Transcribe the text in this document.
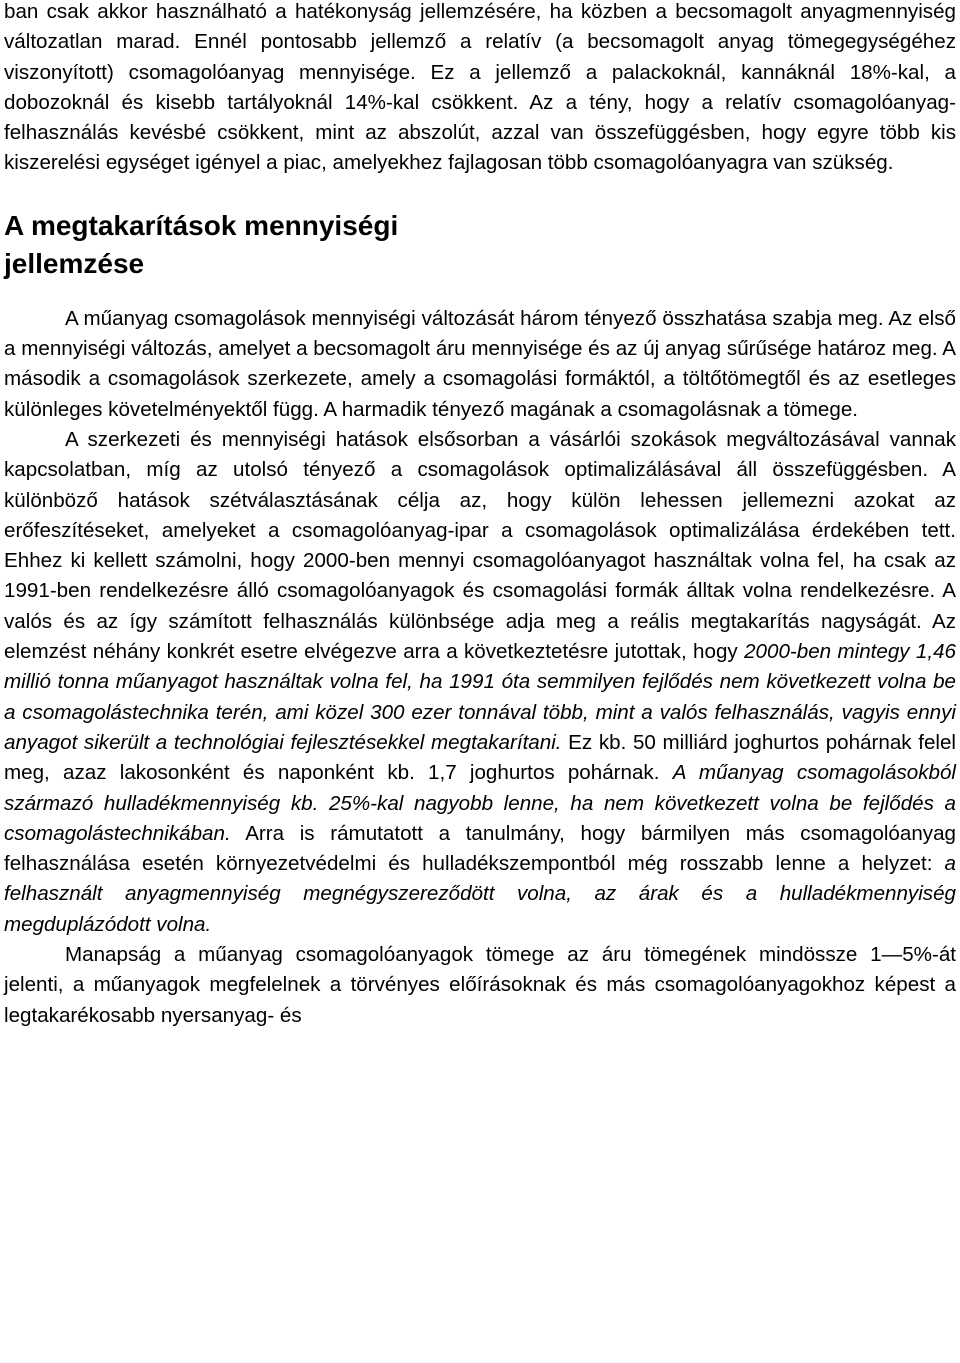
ban csak akkor használható a hatékonyság jellemzésére, ha közben a becsomagolt anyagmennyiség változatlan marad. Ennél pontosabb jellemző a relatív (a becsomagolt anyag tömegegységéhez viszonyított) csomagolóanyag mennyisége. Ez a jellemző a palackoknál, kannáknál 18%-kal, a dobozoknál és kisebb tartályoknál 14%-kal csökkent. Az a tény, hogy a relatív csomagolóanyag-felhasználás kevésbé csökkent, mint az abszolút, azzal van összefüggésben, hogy egyre több kis kiszerelési egységet igényel a piac, amelyekhez fajlagosan több csomagolóanyagra van szükség.

A megtakarítások mennyiségi
jellemzése

A műanyag csomagolások mennyiségi változását három tényező összhatása szabja meg. Az első a mennyiségi változás, amelyet a becsomagolt áru mennyisége és az új anyag sűrűsége határoz meg. A második a csomagolások szerkezete, amely a csomagolási formáktól, a töltőtömegtől és az esetleges különleges követelményektől függ. A harmadik tényező magának a csomagolásnak a tömege.

A szerkezeti és mennyiségi hatások elsősorban a vásárlói szokások megváltozásával vannak kapcsolatban, míg az utolsó tényező a csomagolások optimalizálásával áll összefüggésben. A különböző hatások szétválasztásának célja az, hogy külön lehessen jellemezni azokat az erőfeszítéseket, amelyeket a csomagolóanyag-ipar a csomagolások optimalizálása érdekében tett. Ehhez ki kellett számolni, hogy 2000-ben mennyi csomagolóanyagot használtak volna fel, ha csak az 1991-ben rendelkezésre álló csomagolóanyagok és csomagolási formák álltak volna rendelkezésre. A valós és az így számított felhasználás különbsége adja meg a reális megtakarítás nagyságát. Az elemzést néhány konkrét esetre elvégezve arra a következtetésre jutottak, hogy 2000-ben mintegy 1,46 millió tonna műanyagot használtak volna fel, ha 1991 óta semmilyen fejlődés nem következett volna be a csomagolástechnika terén, ami közel 300 ezer tonnával több, mint a valós felhasználás, vagyis ennyi anyagot sikerült a technológiai fejlesztésekkel megtakarítani. Ez kb. 50 milliárd joghurtos pohárnak felel meg, azaz lakosonként és naponként kb. 1,7 joghurtos pohárnak. A műanyag csomagolásokból származó hulladékmennyiség kb. 25%-kal nagyobb lenne, ha nem következett volna be fejlődés a csomagolástechnikában. Arra is rámutatott a tanulmány, hogy bármilyen más csomagolóanyag felhasználása esetén környezetvédelmi és hulladékszempontból még rosszabb lenne a helyzet: a felhasznált anyagmennyiség megnégyszereződött volna, az árak és a hulladékmennyiség megduplázódott volna.

Manapság a műanyag csomagolóanyagok tömege az áru tömegének mindössze 1—5%-át jelenti, a műanyagok megfelelnek a törvényes előírásoknak és más csomagolóanyagokhoz képest a legtakarékosabb nyersanyag- és
